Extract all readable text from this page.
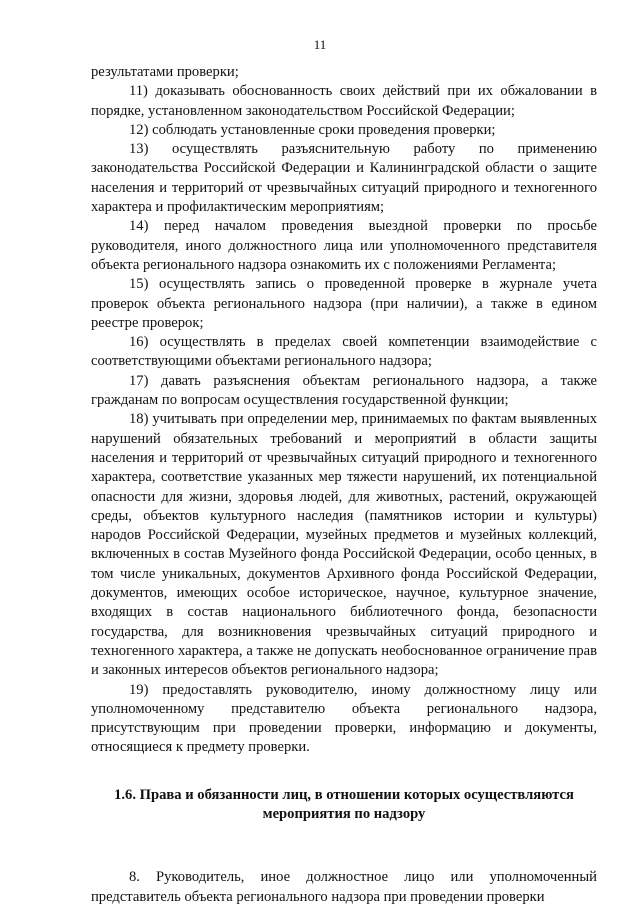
11

результатами проверки;

11) доказывать обоснованность своих действий при их обжаловании в порядке, установленном законодательством Российской Федерации;

12) соблюдать установленные сроки проведения проверки;

13) осуществлять разъяснительную работу по применению законодательства Российской Федерации и Калининградской области о защите населения и территорий от чрезвычайных ситуаций природного и техногенного характера и профилактическим мероприятиям;

14) перед началом проведения выездной проверки по просьбе руководителя, иного должностного лица или уполномоченного представителя объекта регионального надзора ознакомить их с положениями Регламента;

15) осуществлять запись о проведенной проверке в журнале учета проверок объекта регионального надзора (при наличии), а также в едином реестре проверок;

16) осуществлять в пределах своей компетенции взаимодействие с соответствующими объектами регионального надзора;

17) давать разъяснения объектам регионального надзора, а также гражданам по вопросам осуществления государственной функции;

18) учитывать при определении мер, принимаемых по фактам выявленных нарушений обязательных требований и мероприятий в области защиты населения и территорий от чрезвычайных ситуаций природного и техногенного характера, соответствие указанных мер тяжести нарушений, их потенциальной опасности для жизни, здоровья людей, для животных, растений, окружающей среды, объектов культурного наследия (памятников истории и культуры) народов Российской Федерации, музейных предметов и музейных коллекций, включенных в состав Музейного фонда Российской Федерации, особо ценных, в том числе уникальных, документов Архивного фонда Российской Федерации, документов, имеющих особое историческое, научное, культурное значение, входящих в состав национального библиотечного фонда, безопасности государства, для возникновения чрезвычайных ситуаций природного и техногенного характера, а также не допускать необоснованное ограничение прав и законных интересов объектов регионального надзора;

19) предоставлять руководителю, иному должностному лицу или уполномоченному представителю объекта регионального надзора, присутствующим при проведении проверки, информацию и документы, относящиеся к предмету проверки.

1.6. Права и обязанности лиц, в отношении которых осуществляются
мероприятия по надзору

8. Руководитель, иное должностное лицо или уполномоченный представитель объекта регионального надзора при проведении проверки
